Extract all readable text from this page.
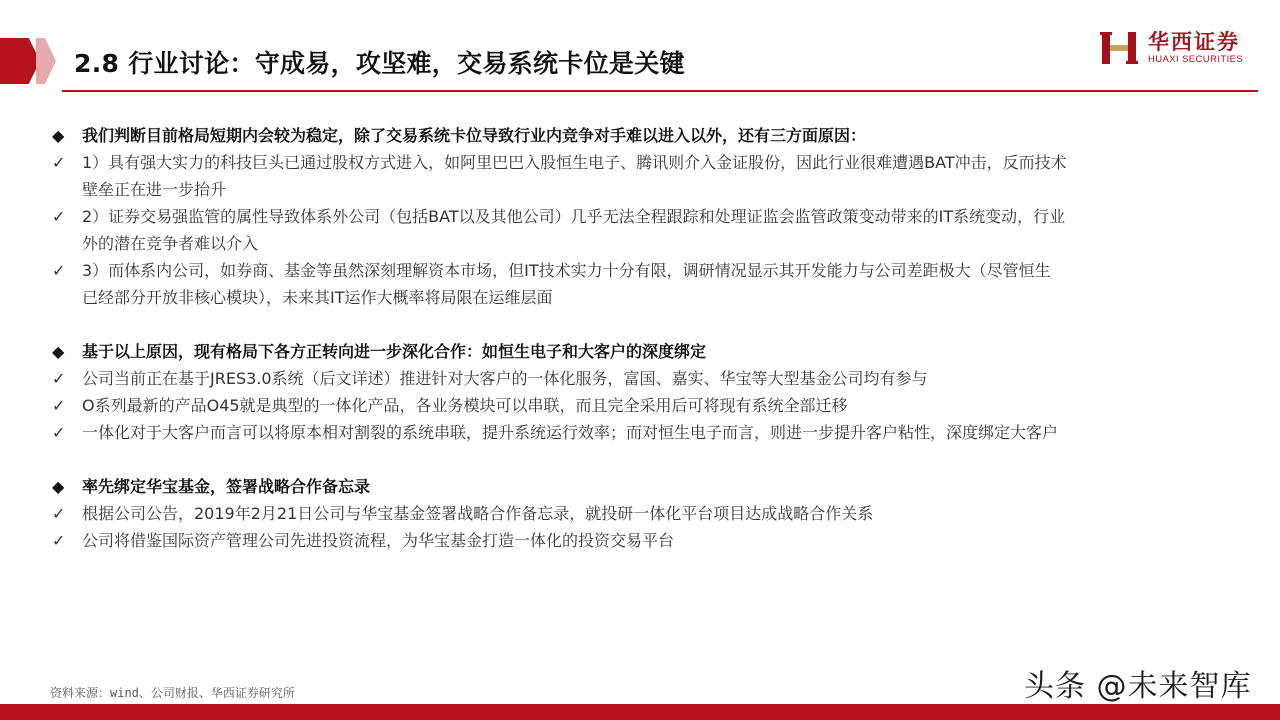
2.8 行业讨论：守成易，攻坚难，交易系统卡位是关键
华西证券
HUAXI SECURITIES
◆	我们判断目前格局短期内会较为稳定，除了交易系统卡位导致行业内竞争对手难以进入以外，还有三方面原因：
✓	1）具有强大实力的科技巨头已通过股权方式进入，如阿里巴巴入股恒生电子、腾讯则介入金证股份，因此行业很难遭遇BAT冲击，反而技术
壁垒正在进一步抬升
✓	2）证券交易强监管的属性导致体系外公司（包括BAT以及其他公司）几乎无法全程跟踪和处理证监会监管政策变动带来的IT系统变动，行业
外的潜在竞争者难以介入
✓	3）而体系内公司，如券商、基金等虽然深刻理解资本市场，但IT技术实力十分有限，调研情况显示其开发能力与公司差距极大（尽管恒生
已经部分开放非核心模块），未来其IT运作大概率将局限在运维层面
◆	基于以上原因，现有格局下各方正转向进一步深化合作：如恒生电子和大客户的深度绑定
✓	公司当前正在基于JRES3.0系统（后文详述）推进针对大客户的一体化服务，富国、嘉实、华宝等大型基金公司均有参与
✓	O系列最新的产品O45就是典型的一体化产品，各业务模块可以串联，而且完全采用后可将现有系统全部迁移
✓	一体化对于大客户而言可以将原本相对割裂的系统串联，提升系统运行效率；而对恒生电子而言，则进一步提升客户粘性，深度绑定大客户
◆	率先绑定华宝基金，签署战略合作备忘录
✓	根据公司公告，2019年2月21日公司与华宝基金签署战略合作备忘录，就投研一体化平台项目达成战略合作关系
✓	公司将借鉴国际资产管理公司先进投资流程，为华宝基金打造一体化的投资交易平台
资料来源：wind、公司财报、华西证券研究所	头条 @未来智库
